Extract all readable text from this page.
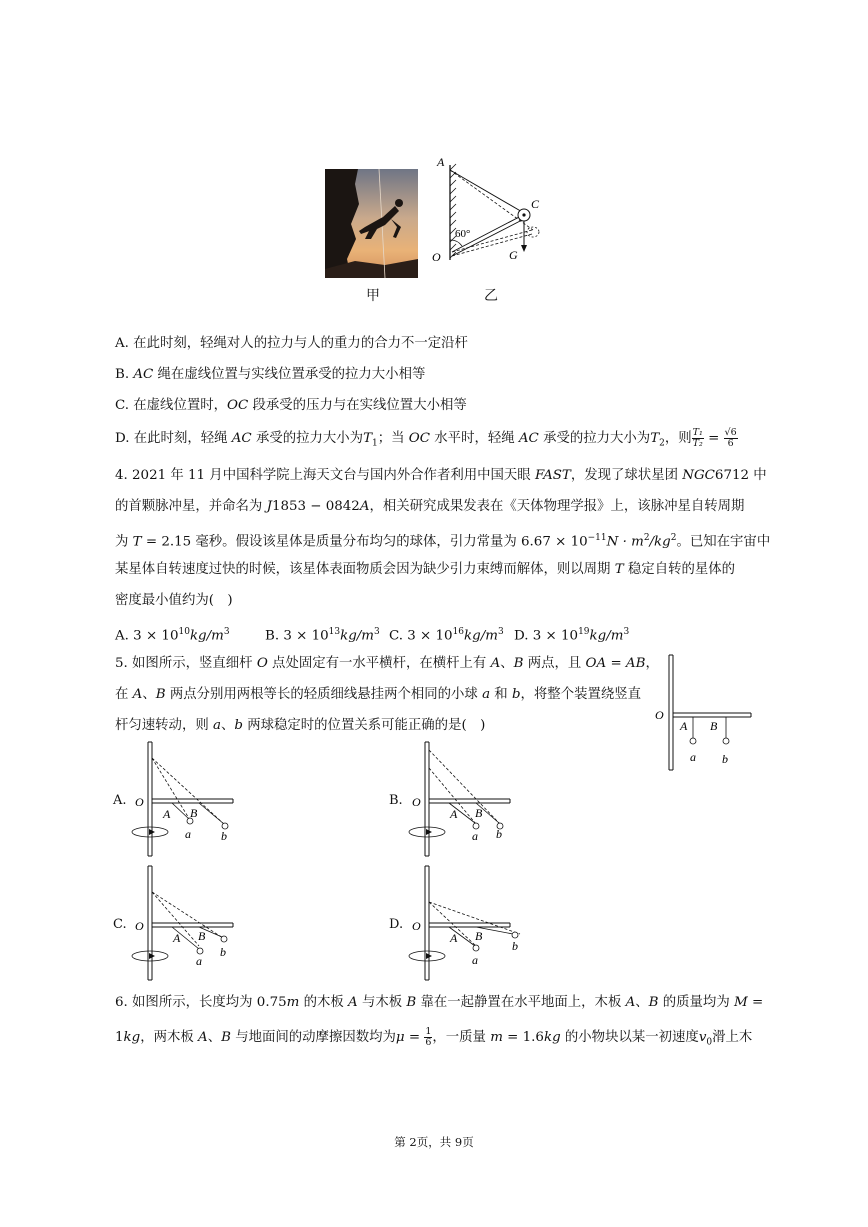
甲
A
C
O	G
60°
乙
A. 在此时刻，轻绳对人的拉力与人的重力的合力不一定沿杆
B. AC 绳在虚线位置与实线位置承受的拉力大小相等
C. 在虚线位置时，OC 段承受的压力与在实线位置大小相等
D. 在此时刻，轻绳 AC 承受的拉力大小为$T_1$；当 OC 水平时，轻绳 AC 承受的拉力大小为$T_2$，则 $\frac{\text{T₁}}{\text{T₂}} = \frac{√6}{6}$
4. 2021 年 11 月中国科学院上海天文台与国内外合作者利用中国天眼 FAST，发现了球状星团 NGC6712 中
的首颗脉冲星，并命名为 J1853 − 0842A，相关研究成果发表在《天体物理学报》上，该脉冲星自转周期
为 T = 2.15 毫秒。假设该星体是质量分布均匀的球体，引力常量为 $6.67 \times 10^{-11}N \cdot m^2/kg^2$。已知在宇宙中
某星体自转速度过快的时候，该星体表面物质会因为缺少引力束缚而解体，则以周期 T 稳定自转的星体的
密度最小值约为(　)
A. $3 \times 10^{10}kg/m^3$	B. $3 \times 10^{13}kg/m^3$ C. $3 \times 10^{16}kg/m^3$ D. $3 \times 10^{19}kg/m^3$
5. 如图所示，竖直细杆 O 点处固定有一水平横杆，在横杆上有 A、B 两点，且 OA = AB，
在 A、B 两点分别用两根等长的轻质细线悬挂两个相同的小球 a 和 b，将整个装置绕竖直
杆匀速转动，则 a、b 两球稳定时的位置关系可能正确的是(　)
O
A B
a b
A. O
A B
a	b
B. O
A B
a b
C. O
A B
a
b
D. O
A B
a
b
6. 如图所示，长度均为 0.75m 的木板 A 与木板 B 靠在一起静置在水平地面上，木板 A、B 的质量均为 M =
1kg，两木板 A、B 与地面间的动摩擦因数均为$\mu = \frac{1}{6}$ ，一质量 m = 1.6kg 的小物块以某一初速度$v_0$滑上木
第 2页，共 9页
